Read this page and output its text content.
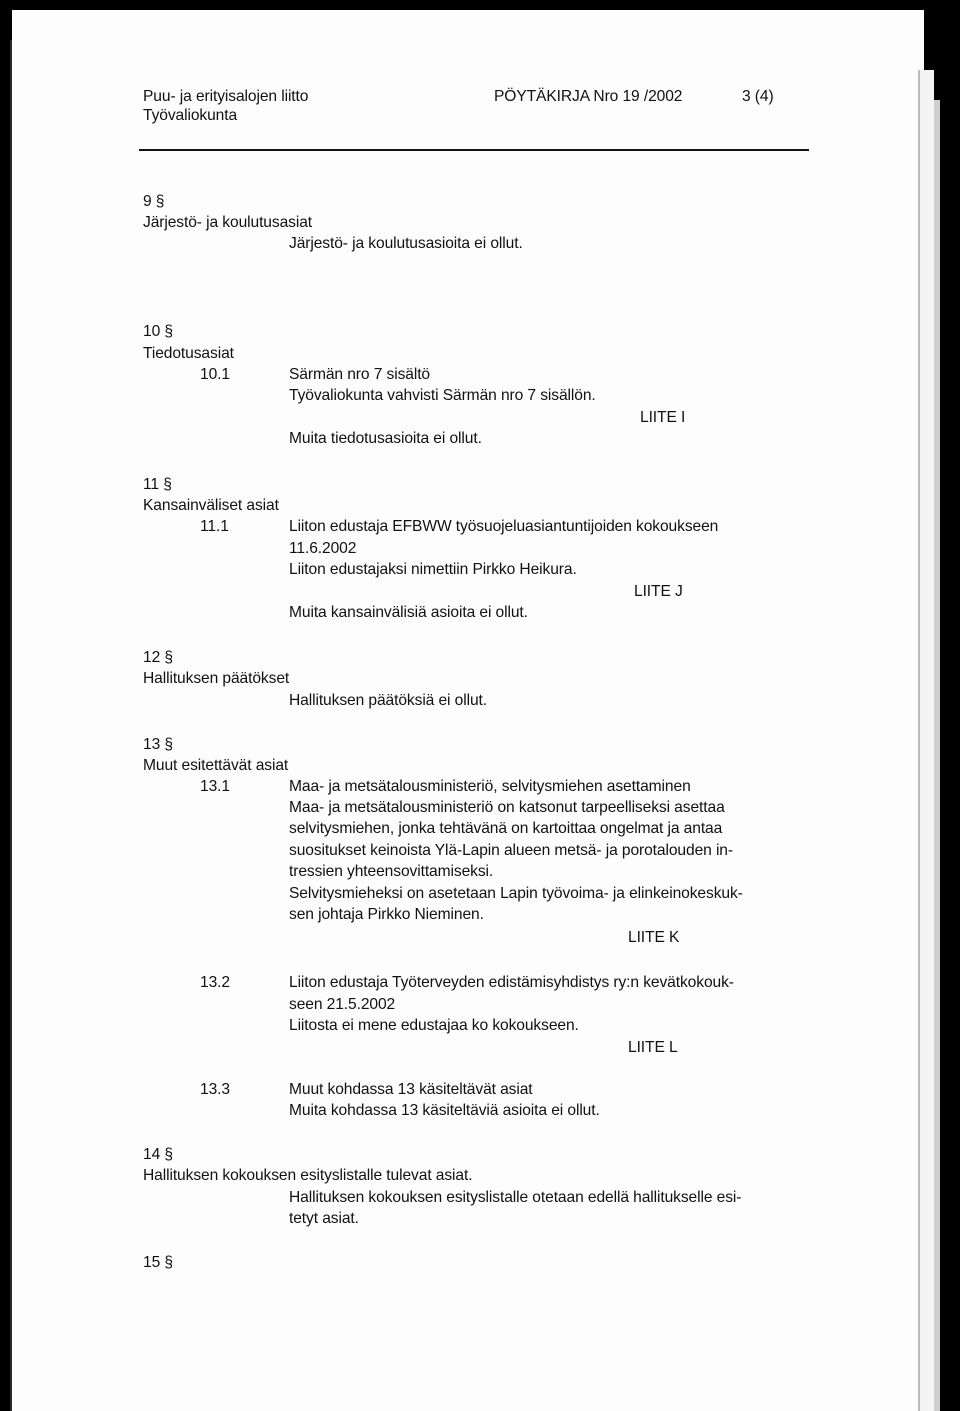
Puu- ja erityisalojen liitto
Työvaliokunta
PÖYTÄKIRJA Nro 19 /2002	3 (4)
9 §
Järjestö- ja koulutusasiat
Järjestö- ja koulutusasioita ei ollut.
10 §
Tiedotusasiat
10.1	Särmän nro 7 sisältö
Työvaliokunta vahvisti Särmän nro 7 sisällön.
LIITE I
Muita tiedotusasioita ei ollut.
11 §
Kansainväliset asiat
11.1	Liiton edustaja EFBWW työsuojeluasiantuntijoiden kokoukseen
11.6.2002
Liiton edustajaksi nimettiin Pirkko Heikura.
LIITE J
Muita kansainvälisiä asioita ei ollut.
12 §
Hallituksen päätökset
Hallituksen päätöksiä ei ollut.
13 §
Muut esitettävät asiat
13.1	Maa- ja metsätalousministeriö, selvitysmiehen asettaminen
Maa- ja metsätalousministeriö on katsonut tarpeelliseksi asettaa
selvitysmiehen, jonka tehtävänä on kartoittaa ongelmat ja antaa
suositukset keinoista Ylä-Lapin alueen metsä- ja porotalouden in-
tressien yhteensovittamiseksi.
Selvitysmieheksi on asetetaan Lapin työvoima- ja elinkeinokeskuk-
sen johtaja Pirkko Nieminen.
LIITE K
13.2	Liiton edustaja Työterveyden edistämisyhdistys ry:n kevätkokouk-
seen 21.5.2002
Liitosta ei mene edustajaa ko kokoukseen.
LIITE L
13.3	Muut kohdassa 13 käsiteltävät asiat
Muita kohdassa 13 käsiteltäviä asioita ei ollut.
14 §
Hallituksen kokouksen esityslistalle tulevat asiat.
Hallituksen kokouksen esityslistalle otetaan edellä hallitukselle esi-
tetyt asiat.
15 §
